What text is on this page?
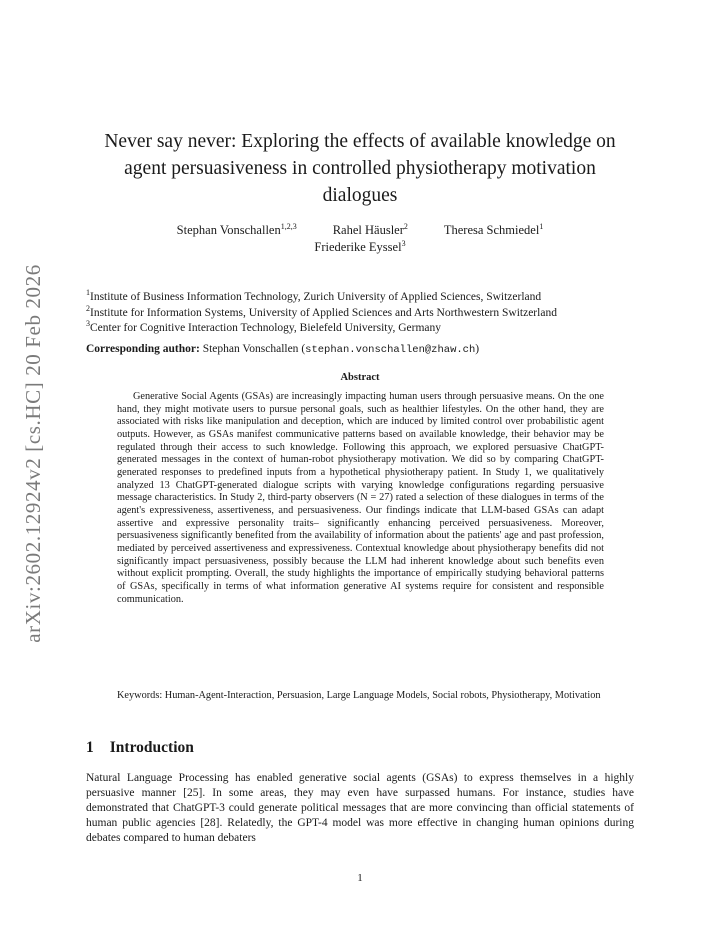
arXiv:2602.12924v2 [cs.HC] 20 Feb 2026
Never say never: Exploring the effects of available knowledge on agent persuasiveness in controlled physiotherapy motivation dialogues
Stephan Vonschallen$^{1,2,3}$	Rahel Häusler$^2$	Theresa Schmiedel$^1$
Friederike Eyssel$^3$
$^1$Institute of Business Information Technology, Zurich University of Applied Sciences, Switzerland
$^2$Institute for Information Systems, University of Applied Sciences and Arts Northwestern Switzerland
$^3$Center for Cognitive Interaction Technology, Bielefeld University, Germany
Corresponding author: Stephan Vonschallen (stephan.vonschallen@zhaw.ch)
Abstract

Generative Social Agents (GSAs) are increasingly impacting human users through persuasive means. On the one hand, they might motivate users to pursue personal goals, such as healthier lifestyles. On the other hand, they are associated with risks like manipulation and deception, which are induced by limited control over probabilistic agent outputs. However, as GSAs manifest communicative patterns based on available knowledge, their behavior may be regulated through their access to such knowledge. Following this approach, we explored persuasive ChatGPT-generated messages in the context of human-robot physiotherapy motivation. We did so by comparing ChatGPT-generated responses to predefined inputs from a hypothetical physiotherapy patient. In Study 1, we qualitatively analyzed 13 ChatGPT-generated dialogue scripts with varying knowledge configurations regarding persuasive message characteristics. In Study 2, third-party observers (N = 27) rated a selection of these dialogues in terms of the agent's expressiveness, assertiveness, and persuasiveness. Our findings indicate that LLM-based GSAs can adapt assertive and expressive personality traits– significantly enhancing perceived persuasiveness. Moreover, persuasiveness significantly benefited from the availability of information about the patients' age and past profession, mediated by perceived assertiveness and expressiveness. Contextual knowledge about physiotherapy benefits did not significantly impact persuasiveness, possibly because the LLM had inherent knowledge about such benefits even without explicit prompting. Overall, the study highlights the importance of empirically studying behavioral patterns of GSAs, specifically in terms of what information generative AI systems require for consistent and responsible communication.

Keywords: Human-Agent-Interaction, Persuasion, Large Language Models, Social robots, Physiotherapy, Motivation
1 Introduction

Natural Language Processing has enabled generative social agents (GSAs) to express themselves in a highly persuasive manner [25]. In some areas, they may even have surpassed humans. For instance, studies have demonstrated that ChatGPT-3 could generate political messages that are more convincing than official statements of human public agencies [28]. Relatedly, the GPT-4 model was more effective in changing human opinions during debates compared to human debaters

1
